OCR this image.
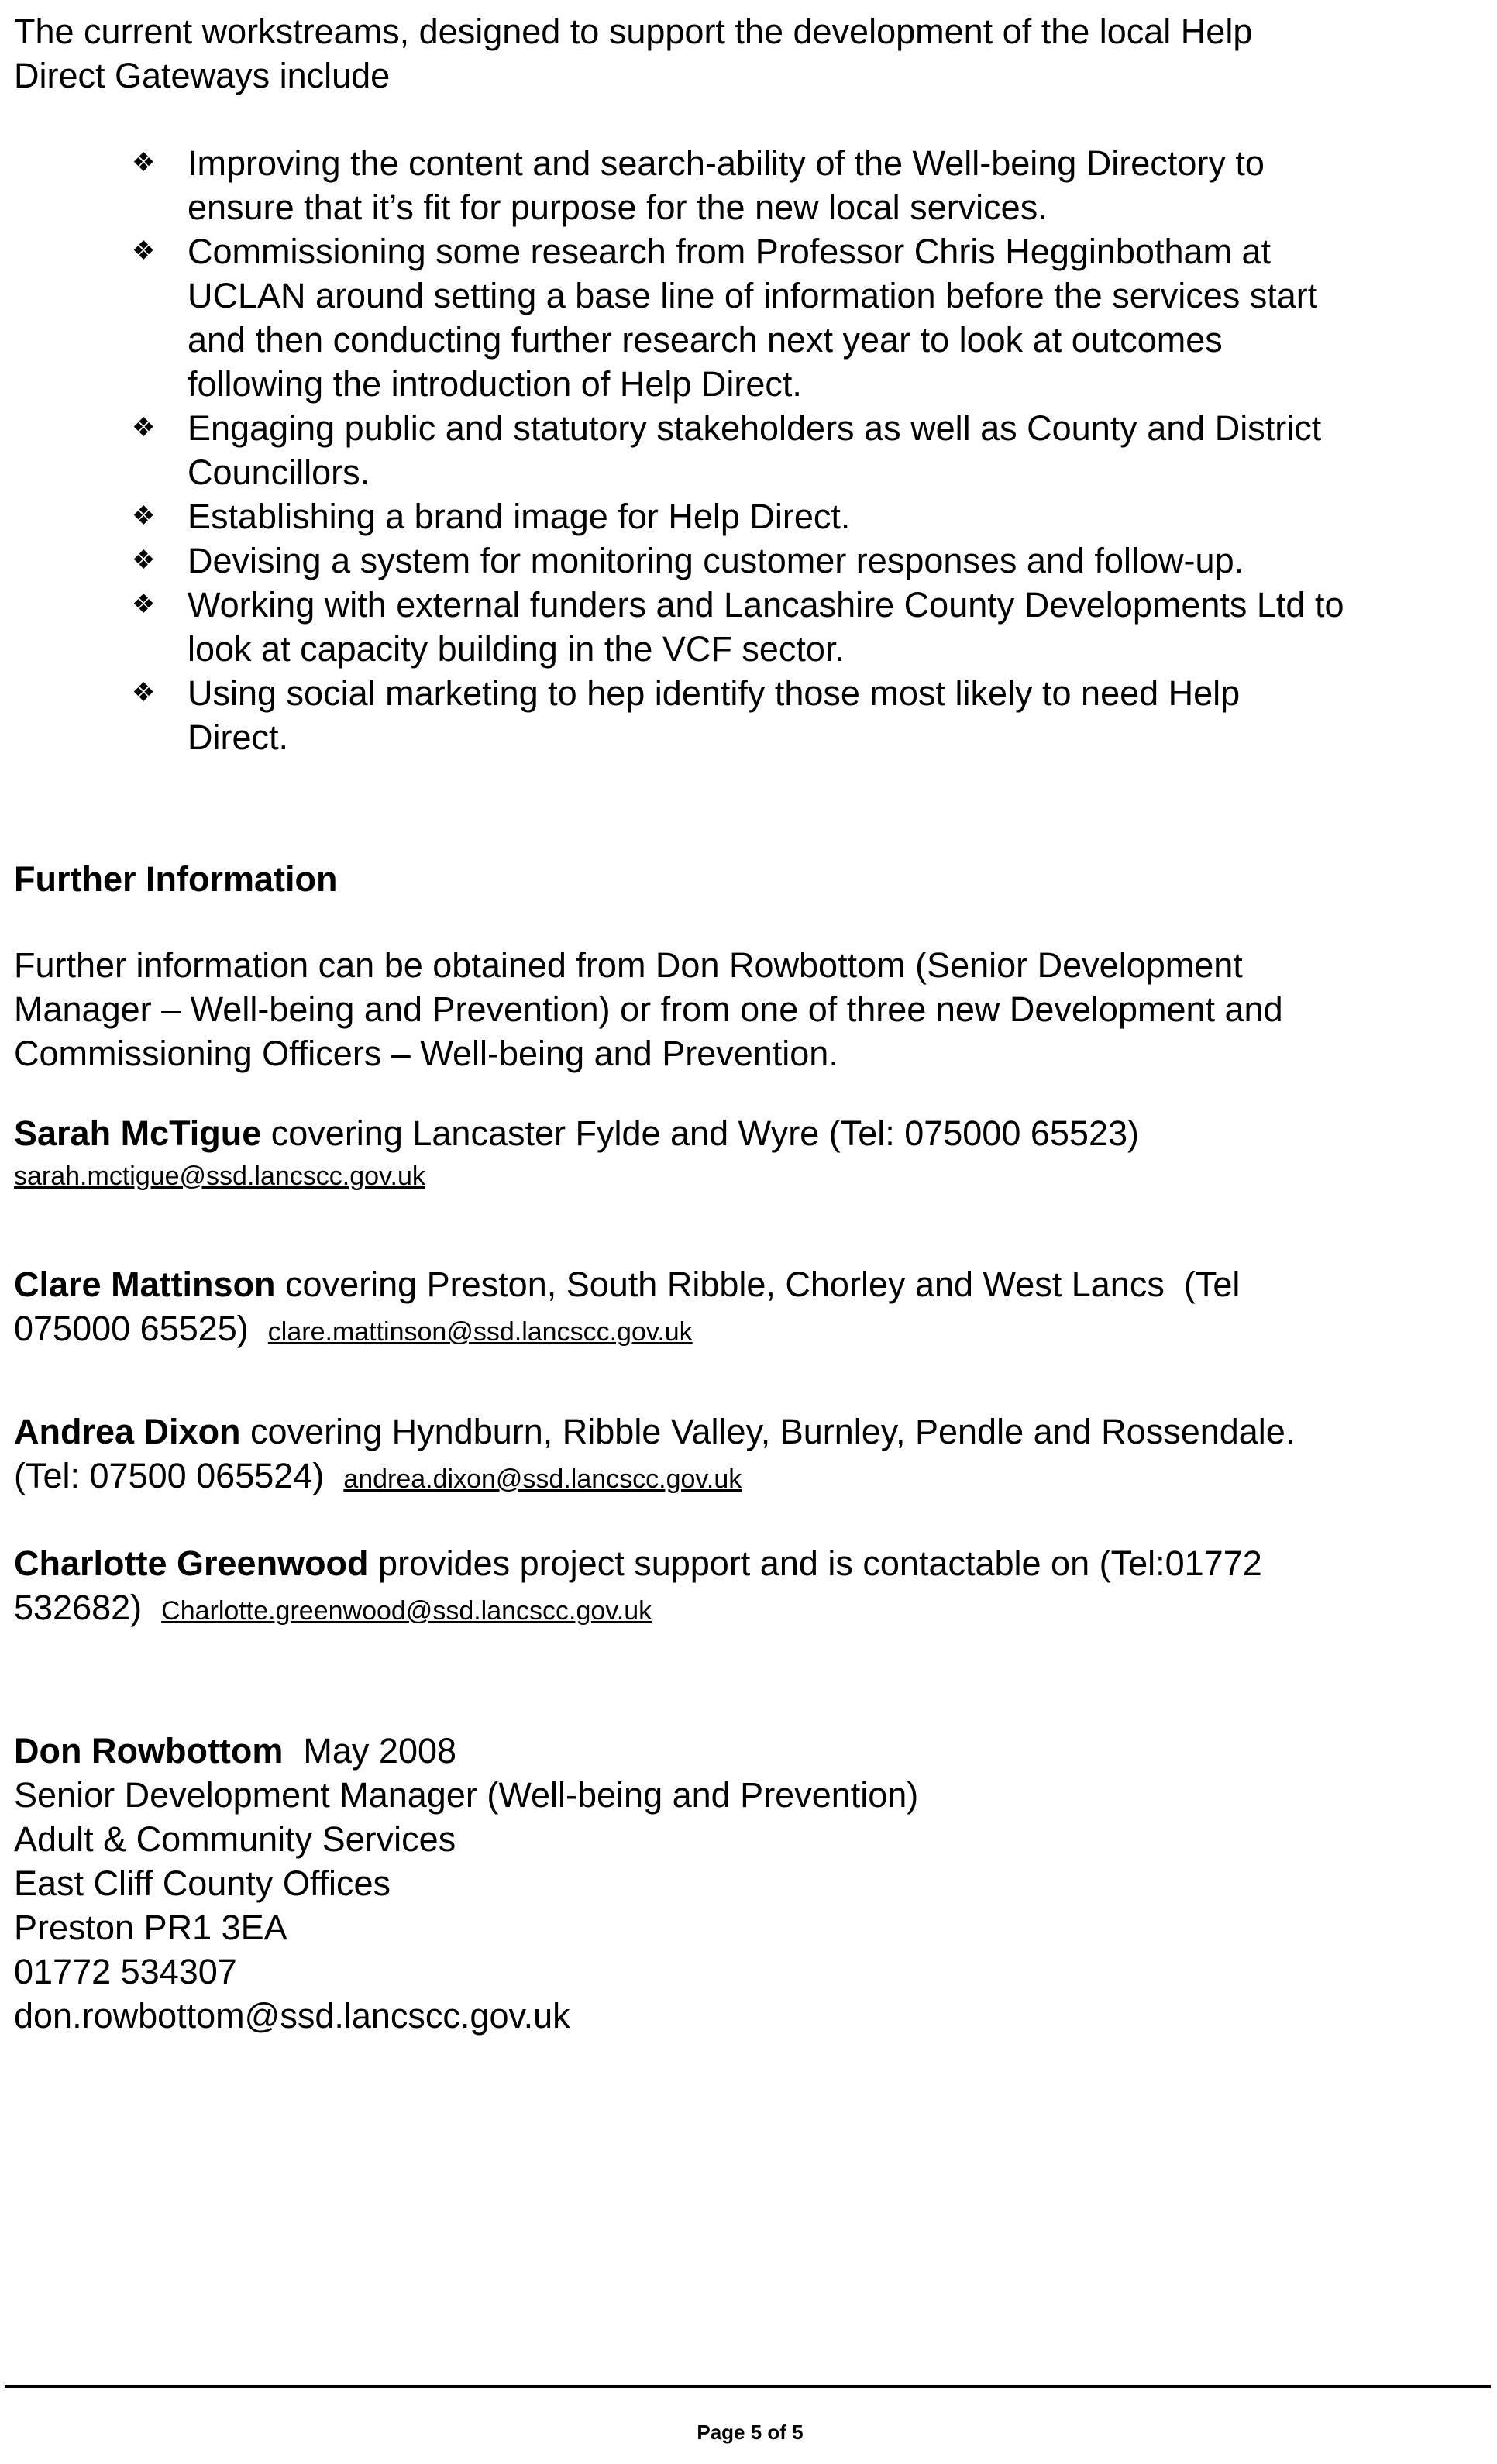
The current workstreams, designed to support the development of the local Help
Direct Gateways include
❖ Improving the content and search-ability of the Well-being Directory to
ensure that it’s fit for purpose for the new local services.
❖ Commissioning some research from Professor Chris Hegginbotham at
UCLAN around setting a base line of information before the services start
and then conducting further research next year to look at outcomes
following the introduction of Help Direct.
❖ Engaging public and statutory stakeholders as well as County and District
Councillors.
❖ Establishing a brand image for Help Direct.
❖ Devising a system for monitoring customer responses and follow-up.
❖ Working with external funders and Lancashire County Developments Ltd to
look at capacity building in the VCF sector.
❖ Using social marketing to hep identify those most likely to need Help
Direct.
Further Information
Further information can be obtained from Don Rowbottom (Senior Development
Manager – Well-being and Prevention) or from one of three new Development and
Commissioning Officers – Well-being and Prevention.
Sarah McTigue covering Lancaster Fylde and Wyre (Tel: 075000 65523)
sarah.mctigue@ssd.lancscc.gov.uk
Clare Mattinson covering Preston, South Ribble, Chorley and West Lancs  (Tel
075000 65525)  clare.mattinson@ssd.lancscc.gov.uk
Andrea Dixon covering Hyndburn, Ribble Valley, Burnley, Pendle and Rossendale.
(Tel: 07500 065524)  andrea.dixon@ssd.lancscc.gov.uk
Charlotte Greenwood provides project support and is contactable on (Tel:01772
532682)  Charlotte.greenwood@ssd.lancscc.gov.uk
Don Rowbottom May 2008
Senior Development Manager (Well-being and Prevention)
Adult & Community Services
East Cliff County Offices
Preston PR1 3EA
01772 534307
don.rowbottom@ssd.lancscc.gov.uk
Page 5 of 5
